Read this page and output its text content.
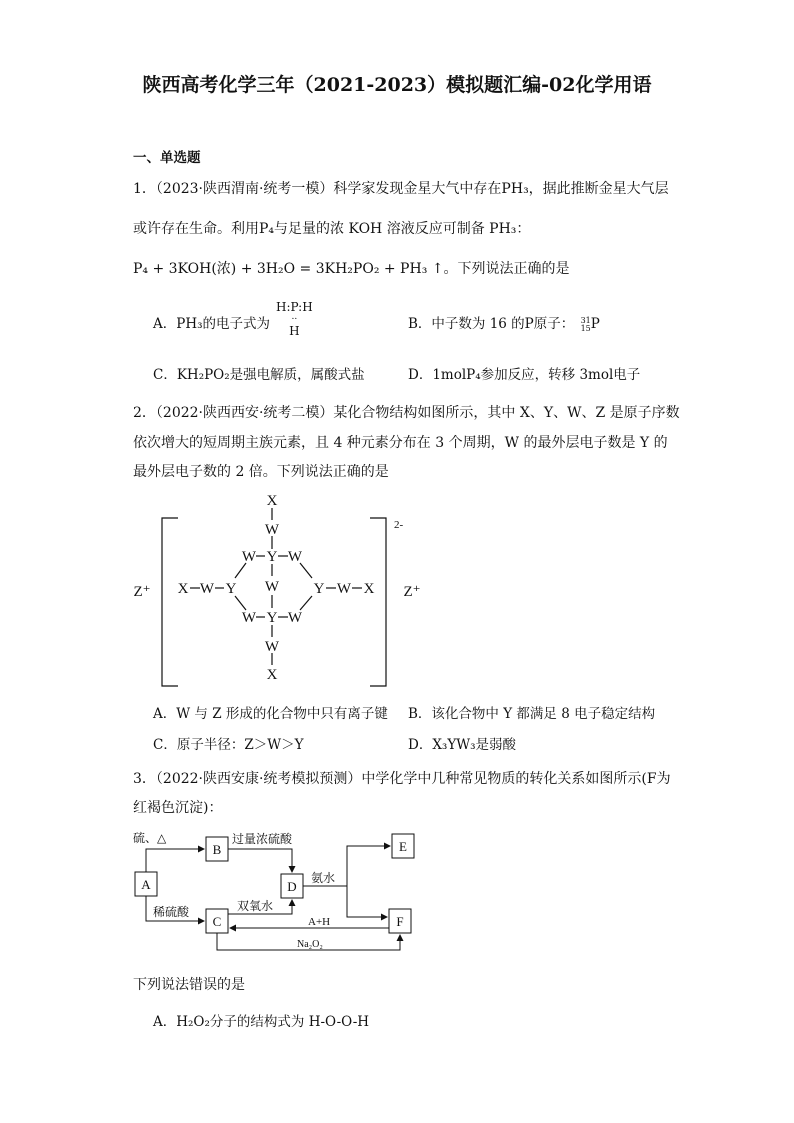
陕西高考化学三年（2021-2023）模拟题汇编-02化学用语
一、单选题
1．（2023·陕西渭南·统考一模）科学家发现金星大气中存在PH₃，据此推断金星大气层
或许存在生命。利用P₄与足量的浓 KOH 溶液反应可制备 PH₃：
P₄ + 3KOH(浓) + 3H₂O = 3KH₂PO₂ + PH₃ ↑。下列说法正确的是
A．PH₃的电子式为
H:P:H
..
H	B．中子数为 16 的P原子： 31
15 P
C．KH₂PO₂是强电解质，属酸式盐	D．1molP₄参加反应，转移 3mol电子
2．（2022·陕西西安·统考二模）某化合物结构如图所示，其中 X、Y、W、Z 是原子序数
依次增大的短周期主族元素，且 4 种元素分布在 3 个周期，W 的最外层电子数是 Y 的
最外层电子数的 2 倍。下列说法正确的是
X
W
W Y W
W
X W Y	Y W X
W Y W
W
X
Z⁺	Z⁺
2-
A．W 与 Z 形成的化合物中只有离子键 B．该化合物中 Y 都满足 8 电子稳定结构
C．原子半径：Z＞W＞Y	D．X₃YW₃是弱酸
3．（2022·陕西安康·统考模拟预测）中学化学中几种常见物质的转化关系如图所示(F为
红褐色沉淀)：
A
B
C
D
E
F
硫、△	过量浓硫酸
稀硫酸	双氧水
氨水
A+H
Na₂O₂
下列说法错误的是
A．H₂O₂分子的结构式为 H-O-O-H
